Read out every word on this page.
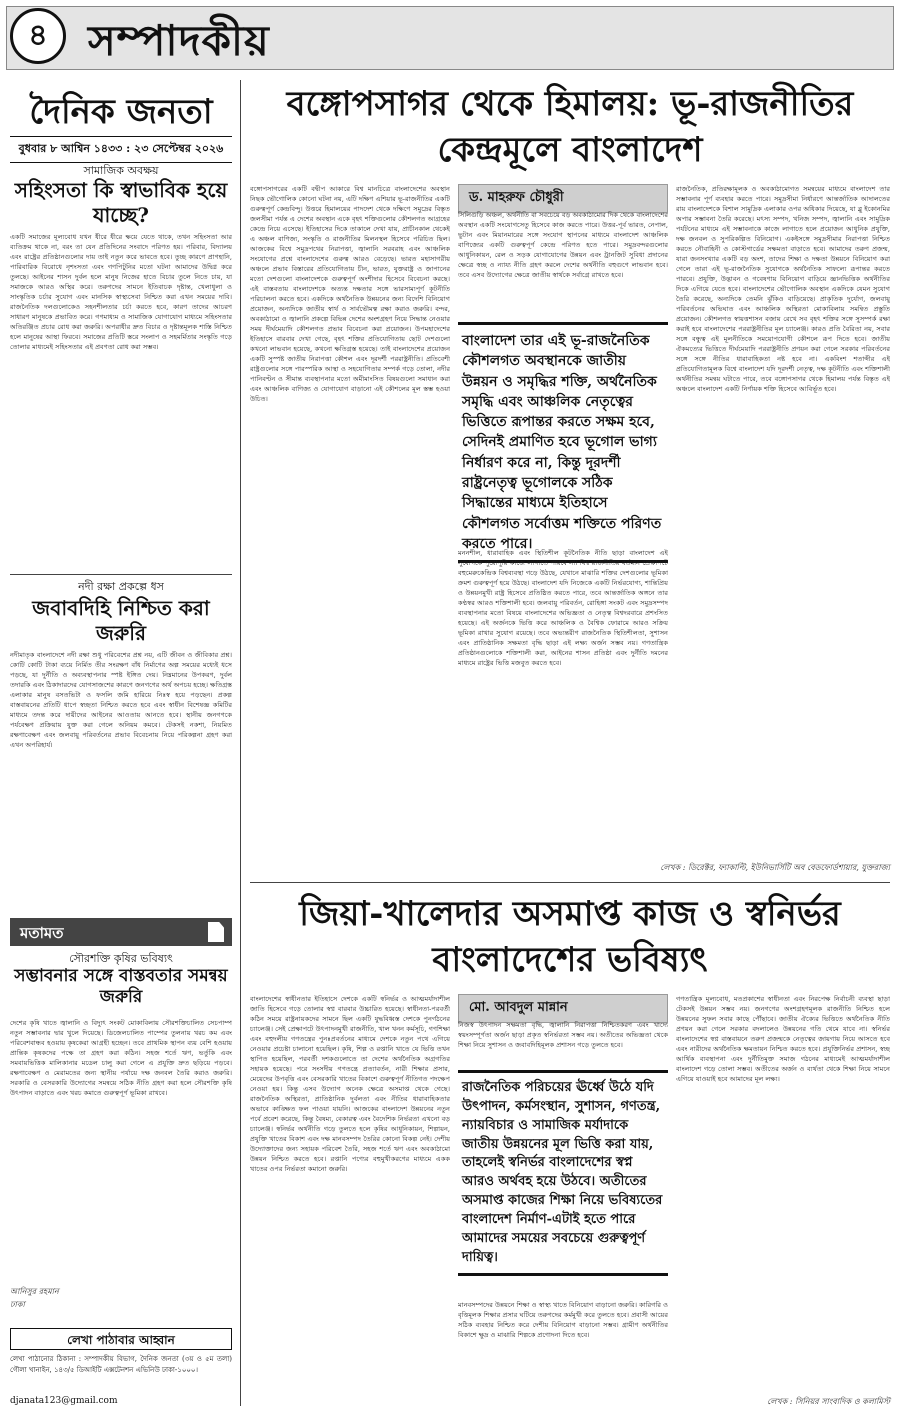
৪ সম্পাদকীয়
দৈনিক জনতা
বুধবার ৮ আশ্বিন ১৪৩৩ : ২৩ সেপ্টেম্বর ২০২৬
সামাজিক অবক্ষয়
সহিংসতা কি স্বাভাবিক হয়ে যাচ্ছে?
একটি সমাজের মূল্যবোধ যখন ধীরে ধীরে ক্ষয়ে যেতে থাকে, তখন সহিংসতা আর ব্যতিক্রম থাকে না, বরং তা যেন প্রতিদিনের সংবাদে পরিণত হয়। পরিবার, বিদ্যালয় এবং রাষ্ট্রের প্রতিষ্ঠানগুলোর দায় তাই নতুন করে ভাবতে হবে। তুচ্ছ কারণে প্রাণহানি, পারিবারিক বিরোধে নৃশংসতা এবং গণপিটুনির মতো ঘটনা আমাদের উদ্বিগ্ন করে তুলছে। আইনের শাসন দুর্বল হলে মানুষ নিজের হাতে বিচার তুলে নিতে চায়, যা সমাজকে আরও অস্থির করে। তরুণদের সামনে ইতিবাচক দৃষ্টান্ত, খেলাধুলা ও সাংস্কৃতিক চর্চার সুযোগ এবং মানসিক স্বাস্থ্যসেবা নিশ্চিত করা এখন সময়ের দাবি। রাজনৈতিক দলগুলোকেও সহনশীলতার চর্চা করতে হবে, কারণ তাদের আচরণ সাধারণ মানুষকে প্রভাবিত করে। গণমাধ্যম ও সামাজিক যোগাযোগ মাধ্যমে সহিংসতার অতিরঞ্জিত প্রচার রোধ করা জরুরি। অপরাধীর দ্রুত বিচার ও দৃষ্টান্তমূলক শাস্তি নিশ্চিত হলে মানুষের আস্থা ফিরবে। সমাজের প্রতিটি স্তরে সংলাপ ও সহমর্মিতার সংস্কৃতি গড়ে তোলার মাধ্যমেই সহিংসতার এই প্রবণতা রোধ করা সম্ভব।
নদী রক্ষা প্রকল্পে ধস
জবাবদিহি নিশ্চিত করা জরুরি
নদীমাতৃক বাংলাদেশে নদী রক্ষা শুধু পরিবেশের প্রশ্ন নয়, এটি জীবন ও জীবিকার প্রশ্ন। কোটি কোটি টাকা ব্যয়ে নির্মিত তীর সংরক্ষণ বাঁধ নির্মাণের অল্প সময়ের মধ্যেই ধসে পড়ছে, যা দুর্নীতি ও অব্যবস্থাপনার স্পষ্ট ইঙ্গিত দেয়। নিম্নমানের উপকরণ, দুর্বল তদারকি এবং ঠিকাদারদের যোগসাজশের কারণে জনগণের অর্থ অপচয় হচ্ছে। ক্ষতিগ্রস্ত এলাকার মানুষ বসতভিটা ও ফসলি জমি হারিয়ে নিঃস্ব হয়ে পড়ছেন। প্রকল্প বাস্তবায়নের প্রতিটি ধাপে স্বচ্ছতা নিশ্চিত করতে হবে এবং স্বাধীন বিশেষজ্ঞ কমিটির মাধ্যমে তদন্ত করে দায়ীদের আইনের আওতায় আনতে হবে। স্থানীয় জনগণকে পর্যবেক্ষণ প্রক্রিয়ায় যুক্ত করা গেলে অনিয়ম কমবে। টেকসই নকশা, নিয়মিত রক্ষণাবেক্ষণ এবং জলবায়ু পরিবর্তনের প্রভাব বিবেচনায় নিয়ে পরিকল্পনা গ্রহণ করা এখন অপরিহার্য।
মতামত
সৌরশক্তি কৃষির ভবিষ্যৎ
সম্ভাবনার সঙ্গে বাস্তবতার সমন্বয় জরুরি
দেশের কৃষি খাতে জ্বালানি ও বিদ্যুৎ সংকট মোকাবিলায় সৌরশক্তিচালিত সেচপাম্প নতুন সম্ভাবনার দ্বার খুলে দিয়েছে। ডিজেলচালিত পাম্পের তুলনায় খরচ কম এবং পরিবেশবান্ধব হওয়ায় কৃষকেরা আগ্রহী হচ্ছেন। তবে প্রাথমিক স্থাপন ব্যয় বেশি হওয়ায় প্রান্তিক কৃষকদের পক্ষে তা গ্রহণ করা কঠিন। সহজ শর্তে ঋণ, ভর্তুকি এবং সমবায়ভিত্তিক মালিকানার মডেল চালু করা গেলে এ প্রযুক্তি দ্রুত ছড়িয়ে পড়বে। রক্ষণাবেক্ষণ ও মেরামতের জন্য স্থানীয় পর্যায়ে দক্ষ জনবল তৈরি করাও জরুরি। সরকারি ও বেসরকারি উদ্যোগের সমন্বয়ে সঠিক নীতি গ্রহণ করা হলে সৌরশক্তি কৃষি উৎপাদন বাড়াতে এবং খরচ কমাতে গুরুত্বপূর্ণ ভূমিকা রাখবে।
আনিসুর রহমান
ঢাকা
লেখা পাঠাবার আহ্বান
লেখা পাঠানোর ঠিকানা : সম্পাদকীয় বিভাগ, দৈনিক জনতা (৩য় ও ৫ম তলা) গৌলা খানাইন, ১৪৩/৫ ডিআইটি এক্সটেনশন এভিনিউ ঢাকা-১০০০।
djanata123@gmail.com
বঙ্গোপসাগর থেকে হিমালয়: ভূ-রাজনীতির
কেন্দ্রমূলে বাংলাদেশ
বঙ্গোপসাগরের একটি বদ্বীপ আকারে বিশ্ব মানচিত্রে বাংলাদেশের অবস্থান নিছক ভৌগোলিক কোনো ঘটনা নয়, এটি দক্ষিণ এশিয়ার ভূ-রাজনীতির একটি গুরুত্বপূর্ণ কেন্দ্রবিন্দু। উত্তরে হিমালয়ের পাদদেশ থেকে দক্ষিণে সমুদ্রের বিস্তৃত জলসীমা পর্যন্ত এ দেশের অবস্থান একে বৃহৎ শক্তিগুলোর কৌশলগত আগ্রহের কেন্দ্রে নিয়ে এসেছে। ইতিহাসের দিকে তাকালে দেখা যায়, প্রাচীনকাল থেকেই এ অঞ্চল বাণিজ্য, সংস্কৃতি ও রাজনীতির মিলনস্থল হিসেবে পরিচিত ছিল। আজকের বিশ্বে সমুদ্রপথের নিরাপত্তা, জ্বালানি সরবরাহ এবং আঞ্চলিক সংযোগের প্রশ্নে বাংলাদেশের গুরুত্ব আরও বেড়েছে। ভারত মহাসাগরীয় অঞ্চলে প্রভাব বিস্তারের প্রতিযোগিতায় চীন, ভারত, যুক্তরাষ্ট্র ও জাপানের মতো দেশগুলো বাংলাদেশকে গুরুত্বপূর্ণ অংশীদার হিসেবে বিবেচনা করছে। এই বাস্তবতায় বাংলাদেশকে অত্যন্ত দক্ষতার সঙ্গে ভারসাম্যপূর্ণ কূটনীতি পরিচালনা করতে হবে। একদিকে অর্থনৈতিক উন্নয়নের জন্য বিদেশি বিনিয়োগ প্রয়োজন, অন্যদিকে জাতীয় স্বার্থ ও সার্বভৌমত্ব রক্ষা করাও জরুরি। বন্দর, অবকাঠামো ও জ্বালানি প্রকল্পে বিভিন্ন দেশের অংশগ্রহণ নিয়ে সিদ্ধান্ত নেওয়ার সময় দীর্ঘমেয়াদি কৌশলগত প্রভাব বিবেচনা করা প্রয়োজন। উপমহাদেশের ইতিহাসে বারবার দেখা গেছে, বৃহৎ শক্তির প্রতিযোগিতায় ছোট দেশগুলো কখনো লাভবান হয়েছে, কখনো ক্ষতিগ্রস্ত হয়েছে। তাই বাংলাদেশের প্রয়োজন একটি সুস্পষ্ট জাতীয় নিরাপত্তা কৌশল এবং দূরদর্শী পররাষ্ট্রনীতি। প্রতিবেশী রাষ্ট্রগুলোর সঙ্গে পারস্পরিক আস্থা ও সহযোগিতার সম্পর্ক গড়ে তোলা, নদীর পানিবণ্টন ও সীমান্ত ব্যবস্থাপনার মতো অমীমাংসিত বিষয়গুলো সমাধান করা এবং আঞ্চলিক বাণিজ্য ও যোগাযোগ বাড়ানো এই কৌশলের মূল স্তম্ভ হওয়া উচিত।
ড. মাহরুফ চৌধুরী
সিলিগুড়ি অঞ্চল, অর্থনীতি বা সবচেয়ে বড় অবকাঠামোর দিক থেকে বাংলাদেশের অবস্থান একটি সংযোগসেতু হিসেবে কাজ করতে পারে। উত্তর-পূর্ব ভারত, নেপাল, ভুটান এবং মিয়ানমারের সঙ্গে সংযোগ স্থাপনের মাধ্যমে বাংলাদেশ আঞ্চলিক বাণিজ্যের একটি গুরুত্বপূর্ণ কেন্দ্রে পরিণত হতে পারে। সমুদ্রবন্দরগুলোর আধুনিকায়ন, রেল ও সড়ক যোগাযোগের উন্নয়ন এবং ট্রানজিট সুবিধা প্রদানের ক্ষেত্রে স্বচ্ছ ও ন্যায্য নীতি গ্রহণ করলে দেশের অর্থনীতি বহুগুণে লাভবান হবে। তবে এসব উদ্যোগের ক্ষেত্রে জাতীয় স্বার্থকে সর্বাগ্রে রাখতে হবে।
বাংলাদেশ তার এই ভূ-রাজনৈতিক কৌশলগত অবস্থানকে জাতীয় উন্নয়ন ও সমৃদ্ধির শক্তি, অর্থনৈতিক সমৃদ্ধি এবং আঞ্চলিক নেতৃত্বের ভিত্তিতে রূপান্তর করতে সক্ষম হবে, সেদিনই প্রমাণিত হবে ভূগোল ভাগ্য নির্ধারণ করে না, কিন্তু দূরদর্শী রাষ্ট্রনেতৃত্ব ভূগোলকে সঠিক সিদ্ধান্তের মাধ্যমে ইতিহাসে কৌশলগত সর্বোত্তম শক্তিতে পরিণত করতে পারে।
মননশীল, ধারাবাহিক এবং স্থিতিশীল কূটনৈতিক নীতি ছাড়া বাংলাদেশ এই সুযোগকে পুরোপুরি কাজে লাগাতে পারবে না। বিশ্ব রাজনীতির বর্তমান প্রেক্ষাপটে বহুমেরুকেন্দ্রিক বিশ্বব্যবস্থা গড়ে উঠছে, যেখানে মাঝারি শক্তির দেশগুলোর ভূমিকা ক্রমশ গুরুত্বপূর্ণ হয়ে উঠছে। বাংলাদেশ যদি নিজেকে একটি নির্ভরযোগ্য, শান্তিপ্রিয় ও উন্নয়নমুখী রাষ্ট্র হিসেবে প্রতিষ্ঠিত করতে পারে, তবে আন্তর্জাতিক অঙ্গনে তার কণ্ঠস্বর আরও শক্তিশালী হবে। জলবায়ু পরিবর্তন, রোহিঙ্গা সংকট এবং সমুদ্রসম্পদ ব্যবস্থাপনার মতো বিষয়ে বাংলাদেশের অভিজ্ঞতা ও নেতৃত্ব বিশ্বদরবারে প্রশংসিত হয়েছে। এই অর্জনকে ভিত্তি করে আঞ্চলিক ও বৈশ্বিক ফোরামে আরও সক্রিয় ভূমিকা রাখার সুযোগ রয়েছে। তবে অভ্যন্তরীণ রাজনৈতিক স্থিতিশীলতা, সুশাসন এবং প্রাতিষ্ঠানিক সক্ষমতা বৃদ্ধি ছাড়া এই লক্ষ্য অর্জন সম্ভব নয়। গণতান্ত্রিক প্রতিষ্ঠানগুলোকে শক্তিশালী করা, আইনের শাসন প্রতিষ্ঠা এবং দুর্নীতি দমনের মাধ্যমে রাষ্ট্রের ভিত্তি মজবুত করতে হবে।
রাজনৈতিক, প্রতিরক্ষামূলক ও অবকাঠামোগত সমন্বয়ের মাধ্যমে বাংলাদেশ তার সম্ভাবনার পূর্ণ ব্যবহার করতে পারে। সমুদ্রসীমা নির্ধারণে আন্তর্জাতিক আদালতের রায় বাংলাদেশকে বিশাল সামুদ্রিক এলাকার ওপর অধিকার দিয়েছে, যা ব্লু ইকোনমির অপার সম্ভাবনা তৈরি করেছে। মৎস্য সম্পদ, খনিজ সম্পদ, জ্বালানি এবং সামুদ্রিক পর্যটনের মাধ্যমে এই সম্ভাবনাকে কাজে লাগাতে হলে প্রয়োজন আধুনিক প্রযুক্তি, দক্ষ জনবল ও সুপরিকল্পিত বিনিয়োগ। একইসঙ্গে সমুদ্রসীমার নিরাপত্তা নিশ্চিত করতে নৌবাহিনী ও কোস্টগার্ডের সক্ষমতা বাড়াতে হবে। আমাদের তরুণ প্রজন্ম, যারা জনসংখ্যার একটি বড় অংশ, তাদের শিক্ষা ও দক্ষতা উন্নয়নে বিনিয়োগ করা গেলে তারা এই ভূ-রাজনৈতিক সুযোগকে অর্থনৈতিক সাফল্যে রূপান্তর করতে পারবে। প্রযুক্তি, উদ্ভাবন ও গবেষণায় বিনিয়োগ বাড়িয়ে জ্ঞানভিত্তিক অর্থনীতির দিকে এগিয়ে যেতে হবে। বাংলাদেশের ভৌগোলিক অবস্থান একদিকে যেমন সুযোগ তৈরি করেছে, অন্যদিকে তেমনি ঝুঁকিও বাড়িয়েছে। প্রাকৃতিক দুর্যোগ, জলবায়ু পরিবর্তনের অভিঘাত এবং আঞ্চলিক অস্থিরতা মোকাবিলায় সমন্বিত প্রস্তুতি প্রয়োজন। কৌশলগত স্বায়ত্তশাসন বজায় রেখে সব বৃহৎ শক্তির সঙ্গে সুসম্পর্ক রক্ষা করাই হবে বাংলাদেশের পররাষ্ট্রনীতির মূল চ্যালেঞ্জ। কারও প্রতি বৈরিতা নয়, সবার সঙ্গে বন্ধুত্ব এই মূলনীতিকে সময়োপযোগী কৌশলে রূপ দিতে হবে। জাতীয় ঐকমত্যের ভিত্তিতে দীর্ঘমেয়াদি পররাষ্ট্রনীতি প্রণয়ন করা গেলে সরকার পরিবর্তনের সঙ্গে সঙ্গে নীতির ধারাবাহিকতা নষ্ট হবে না। একবিংশ শতাব্দীর এই প্রতিযোগিতামূলক বিশ্বে বাংলাদেশ যদি দূরদর্শী নেতৃত্ব, দক্ষ কূটনীতি এবং শক্তিশালী অর্থনীতির সমন্বয় ঘটাতে পারে, তবে বঙ্গোপসাগর থেকে হিমালয় পর্যন্ত বিস্তৃত এই অঞ্চলে বাংলাদেশ একটি নির্ণায়ক শক্তি হিসেবে আবির্ভূত হবে।
লেখক : ডিরেক্টর, ফ্যাকাল্টি, ইউনিভার্সিটি অব বেডফোর্ডশায়ার, যুক্তরাজ্য
জিয়া-খালেদার অসমাপ্ত কাজ ও স্বনির্ভর
বাংলাদেশের ভবিষ্যৎ
বাংলাদেশের স্বাধীনতার ইতিহাসে দেশকে একটি স্বনির্ভর ও আত্মমর্যাদাশীল জাতি হিসেবে গড়ে তোলার স্বপ্ন বারবার উচ্চারিত হয়েছে। স্বাধীনতা-পরবর্তী কঠিন সময়ে রাষ্ট্রনায়কদের সামনে ছিল একটি যুদ্ধবিধ্বস্ত দেশকে পুনর্গঠনের চ্যালেঞ্জ। সেই প্রেক্ষাপটে উৎপাদনমুখী রাজনীতি, খাল খনন কর্মসূচি, গণশিক্ষা এবং বহুদলীয় গণতন্ত্রের পুনঃপ্রবর্তনের মাধ্যমে দেশকে নতুন পথে এগিয়ে নেওয়ার প্রচেষ্টা চালানো হয়েছিল। কৃষি, শিল্প ও রপ্তানি খাতে যে ভিত্তি তখন স্থাপিত হয়েছিল, পরবর্তী দশকগুলোতে তা দেশের অর্থনৈতিক অগ্রগতির সহায়ক হয়েছে। পরে সংসদীয় গণতন্ত্রে প্রত্যাবর্তন, নারী শিক্ষার প্রসার, মেয়েদের উপবৃত্তি এবং বেসরকারি খাতের বিকাশে গুরুত্বপূর্ণ নীতিগত পদক্ষেপ নেওয়া হয়। কিন্তু এসব উদ্যোগ অনেক ক্ষেত্রে অসমাপ্ত থেকে গেছে। রাজনৈতিক অস্থিরতা, প্রাতিষ্ঠানিক দুর্বলতা এবং নীতির ধারাবাহিকতার অভাবে কাঙ্ক্ষিত ফল পাওয়া যায়নি। আজকের বাংলাদেশ উন্নয়নের নতুন পর্বে প্রবেশ করেছে, কিন্তু বৈষম্য, বেকারত্ব এবং বৈদেশিক নির্ভরতা এখনো বড় চ্যালেঞ্জ। স্বনির্ভর অর্থনীতি গড়ে তুলতে হলে কৃষির আধুনিকায়ন, শিল্পায়ন, প্রযুক্তি খাতের বিকাশ এবং দক্ষ মানবসম্পদ তৈরির কোনো বিকল্প নেই। দেশীয় উদ্যোক্তাদের জন্য সহায়ক পরিবেশ তৈরি, সহজ শর্তে ঋণ এবং অবকাঠামো উন্নয়ন নিশ্চিত করতে হবে। রপ্তানি পণ্যের বহুমুখীকরণের মাধ্যমে একক খাতের ওপর নির্ভরতা কমানো জরুরি।
মো. আবদুল মান্নান
নিজস্ব উৎপাদন সক্ষমতা বৃদ্ধি, জ্বালানি নিরাপত্তা নিশ্চিতকরণ এবং খাদ্যে স্বয়ংসম্পূর্ণতা অর্জন ছাড়া প্রকৃত স্বনির্ভরতা সম্ভব নয়। অতীতের অভিজ্ঞতা থেকে শিক্ষা নিয়ে সুশাসন ও জবাবদিহিমূলক প্রশাসন গড়ে তুলতে হবে।
রাজনৈতিক পরিচয়ের ঊর্ধ্বে উঠে যদি উৎপাদন, কর্মসংস্থান, সুশাসন, গণতন্ত্র, ন্যায়বিচার ও সামাজিক মর্যাদাকে জাতীয় উন্নয়নের মূল ভিত্তি করা যায়, তাহলেই স্বনির্ভর বাংলাদেশের স্বপ্ন আরও অর্থবহ হয়ে উঠবে। অতীতের অসমাপ্ত কাজের শিক্ষা নিয়ে ভবিষ্যতের বাংলাদেশ নির্মাণ-এটাই হতে পারে আমাদের সময়ের সবচেয়ে গুরুত্বপূর্ণ দায়িত্ব।
মানবসম্পদের উন্নয়নে শিক্ষা ও স্বাস্থ্য খাতে বিনিয়োগ বাড়ানো জরুরি। কারিগরি ও বৃত্তিমূলক শিক্ষার প্রসার ঘটিয়ে তরুণদের কর্মমুখী করে তুলতে হবে। প্রবাসী আয়ের সঠিক ব্যবহার নিশ্চিত করে দেশীয় বিনিয়োগ বাড়ানো সম্ভব। গ্রামীণ অর্থনীতির বিকাশে ক্ষুদ্র ও মাঝারি শিল্পকে প্রণোদনা দিতে হবে।
গণতান্ত্রিক মূল্যবোধ, মতপ্রকাশের স্বাধীনতা এবং নিরপেক্ষ নির্বাচনী ব্যবস্থা ছাড়া টেকসই উন্নয়ন সম্ভব নয়। জনগণের অংশগ্রহণমূলক রাজনীতি নিশ্চিত হলে উন্নয়নের সুফল সবার কাছে পৌঁছাবে। জাতীয় ঐক্যের ভিত্তিতে অর্থনৈতিক নীতি প্রণয়ন করা গেলে সরকার বদলালেও উন্নয়নের গতি থেমে যাবে না। স্বনির্ভর বাংলাদেশের স্বপ্ন বাস্তবায়নে তরুণ প্রজন্মকে নেতৃত্বের জায়গায় নিয়ে আসতে হবে এবং নারীদের অর্থনৈতিক ক্ষমতায়ন নিশ্চিত করতে হবে। প্রযুক্তিনির্ভর প্রশাসন, স্বচ্ছ আর্থিক ব্যবস্থাপনা এবং দুর্নীতিমুক্ত সমাজ গঠনের মাধ্যমেই আত্মমর্যাদাশীল বাংলাদেশ গড়ে তোলা সম্ভব। অতীতের অর্জন ও ব্যর্থতা থেকে শিক্ষা নিয়ে সামনে এগিয়ে যাওয়াই হবে আমাদের মূল লক্ষ্য।
লেখক : সিনিয়র সাংবাদিক ও কলামিস্ট
